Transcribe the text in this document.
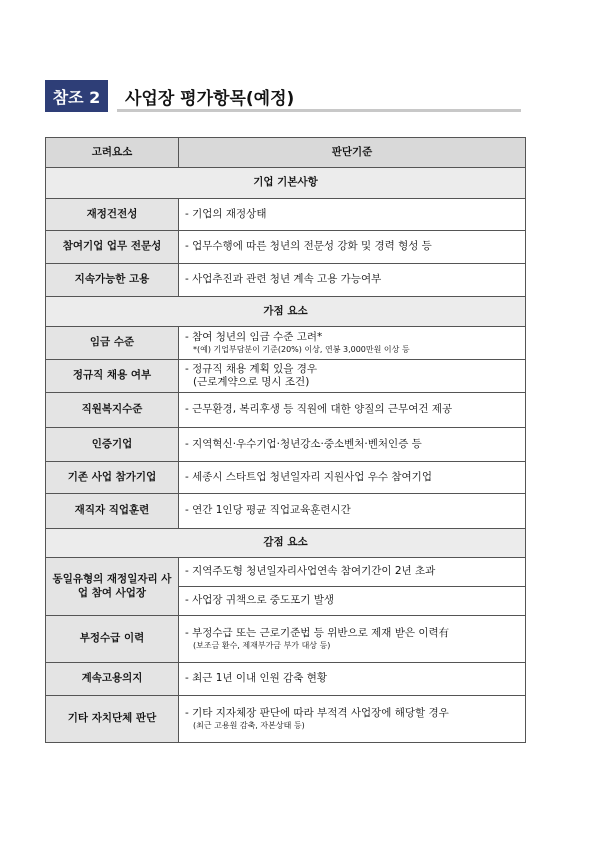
참조 2	사업장 평가항목(예정)
고려요소	판단기준
기업 기본사항	
재정건전성	- 기업의 재정상태
참여기업 업무 전문성	- 업무수행에 따른 청년의 전문성 강화 및 경력 형성 등
지속가능한 고용	- 사업추진과 관련 청년 계속 고용 가능여부
가점 요소	
임금 수준	- 참여 청년의 임금 수준 고려*
*(예) 기업부담분이 기준(20%) 이상, 연봉 3,000만원 이상 등

정규직 채용 여부	- 정규직 채용 계획 있을 경우
(근로계약으로 명시 조건)

직원복지수준	- 근무환경, 복리후생 등 직원에 대한 양질의 근무여건 제공
인증기업	- 지역혁신·우수기업·청년강소·중소벤처·벤처인증 등
기존 사업 참가기업	- 세종시 스타트업 청년일자리 지원사업 우수 참여기업
재직자 직업훈련	- 연간 1인당 평균 직업교육훈련시간
감점 요소	
동일유형의 재정일자리 사업 참여 사업장	- 지역주도형 청년일자리사업연속 참여기간이 2년 초과
	- 사업장 귀책으로 중도포기 발생
부정수급 이력	- 부정수급 또는 근로기준법 등 위반으로 제재 받은 이력有
(보조금 환수, 제재부가금 부가 대상 등)

계속고용의지	- 최근 1년 이내 인원 감축 현황
기타 자치단체 판단	- 기타 지자체장 판단에 따라 부적격 사업장에 해당할 경우
(최근 고용원 감축, 자본상태 등)
